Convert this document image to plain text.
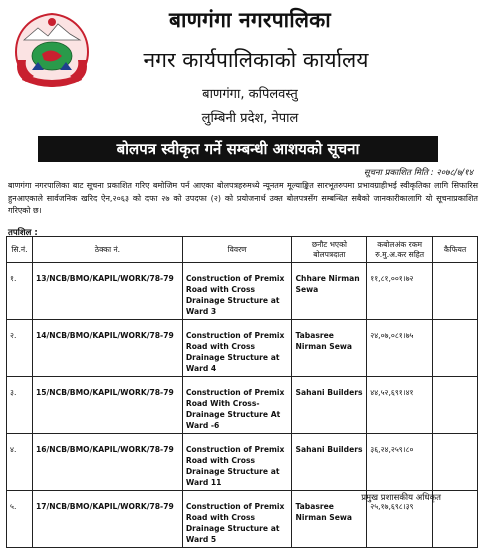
बाणगंगा नगरपालिका
नगर कार्यपालिकाको कार्यालय
बाणगंगा, कपिलवस्तु
लुम्बिनी प्रदेश, नेपाल
बोलपत्र स्वीकृत गर्ने सम्बन्धी आशयको सूचना
सूचना प्रकाशित मिति : २०७८/७/१४

बाणगंगा नगरपालिका बाट सूचना प्रकाशित गरिए बमोजिम पर्न आएका बोलपत्रहरुमध्ये न्यूनतम मूल्याङ्कित सारभूतरुपमा प्रभावग्राहीभई स्वीकृतिका लागि सिफारिस हुनआएकाले सार्वजनिक खरिद ऐन,२०६३ को दफा २७ को उपदफा (२) को प्रयोजनार्थ उक्त बोलपत्रसँग सम्बन्धित सबैको जानकारीकालागि यो सूचनाप्रकाशित गरिएको छ।

तपशिल :
सि.नं.	ठेक्का नं.	विवरण	छनौट भएको बोलपत्रदाता	कबोलअंक रकम रु.मु.अ.कर सहित	कैफियत
१.	13/NCB/BMO/KAPIL/WORK/78-79	Construction of Premix Road with Cross Drainage Structure at Ward 3	Chhare Nirman Sewa	११,८१,००१।७२	
२.	14/NCB/BMO/KAPIL/WORK/78-79	Construction of Premix Road with Cross Drainage Structure at Ward 4	Tabasree Nirman Sewa	२४,०७,०८१।७५	
३.	15/NCB/BMO/KAPIL/WORK/78-79	Construction of Premix Road With Cross-Drainage Structure At Ward -6	Sahani Builders	४४,५२,६९१।४१	
४.	16/NCB/BMO/KAPIL/WORK/78-79	Construction of Premix Road with Cross Drainage Structure at Ward 11	Sahani Builders	३६,२४,२५९।८०	
५.	17/NCB/BMO/KAPIL/WORK/78-79	Construction of Premix Road with Cross Drainage Structure at Ward 5	Tabasree Nirman Sewa	२५,१७,६९८।३९	
प्रमुख प्रशासकीय अधिकृत
